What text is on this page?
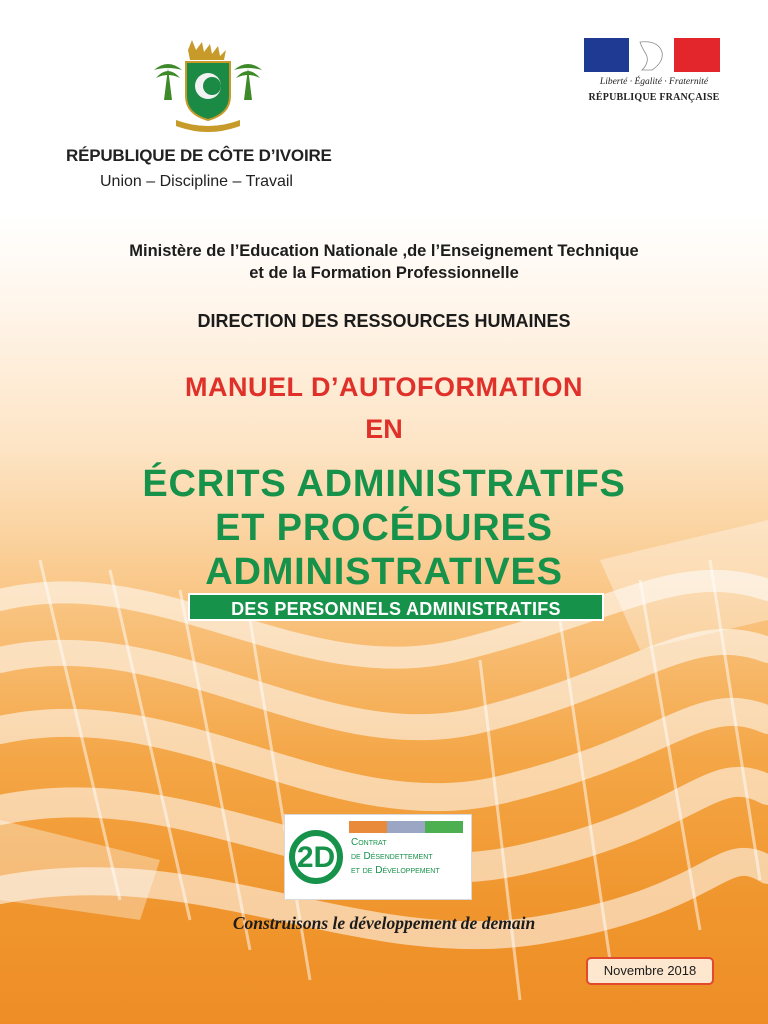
RÉPUBLIQUE DE CÔTE D’IVOIRE
Union – Discipline – Travail
Liberté · Égalité · Fraternité
RÉPUBLIQUE FRANÇAISE
Ministère de l’Education Nationale ,de l’Enseignement Technique
et de la Formation Professionnelle
DIRECTION DES RESSOURCES HUMAINES
MANUEL D’AUTOFORMATION
EN
ÉCRITS ADMINISTRATIFS
ET PROCÉDURES
ADMINISTRATIVES
DES PERSONNELS ADMINISTRATIFS
2D Contrat
de Désendettement
et de Développement
Construisons le développement de demain
Novembre 2018
